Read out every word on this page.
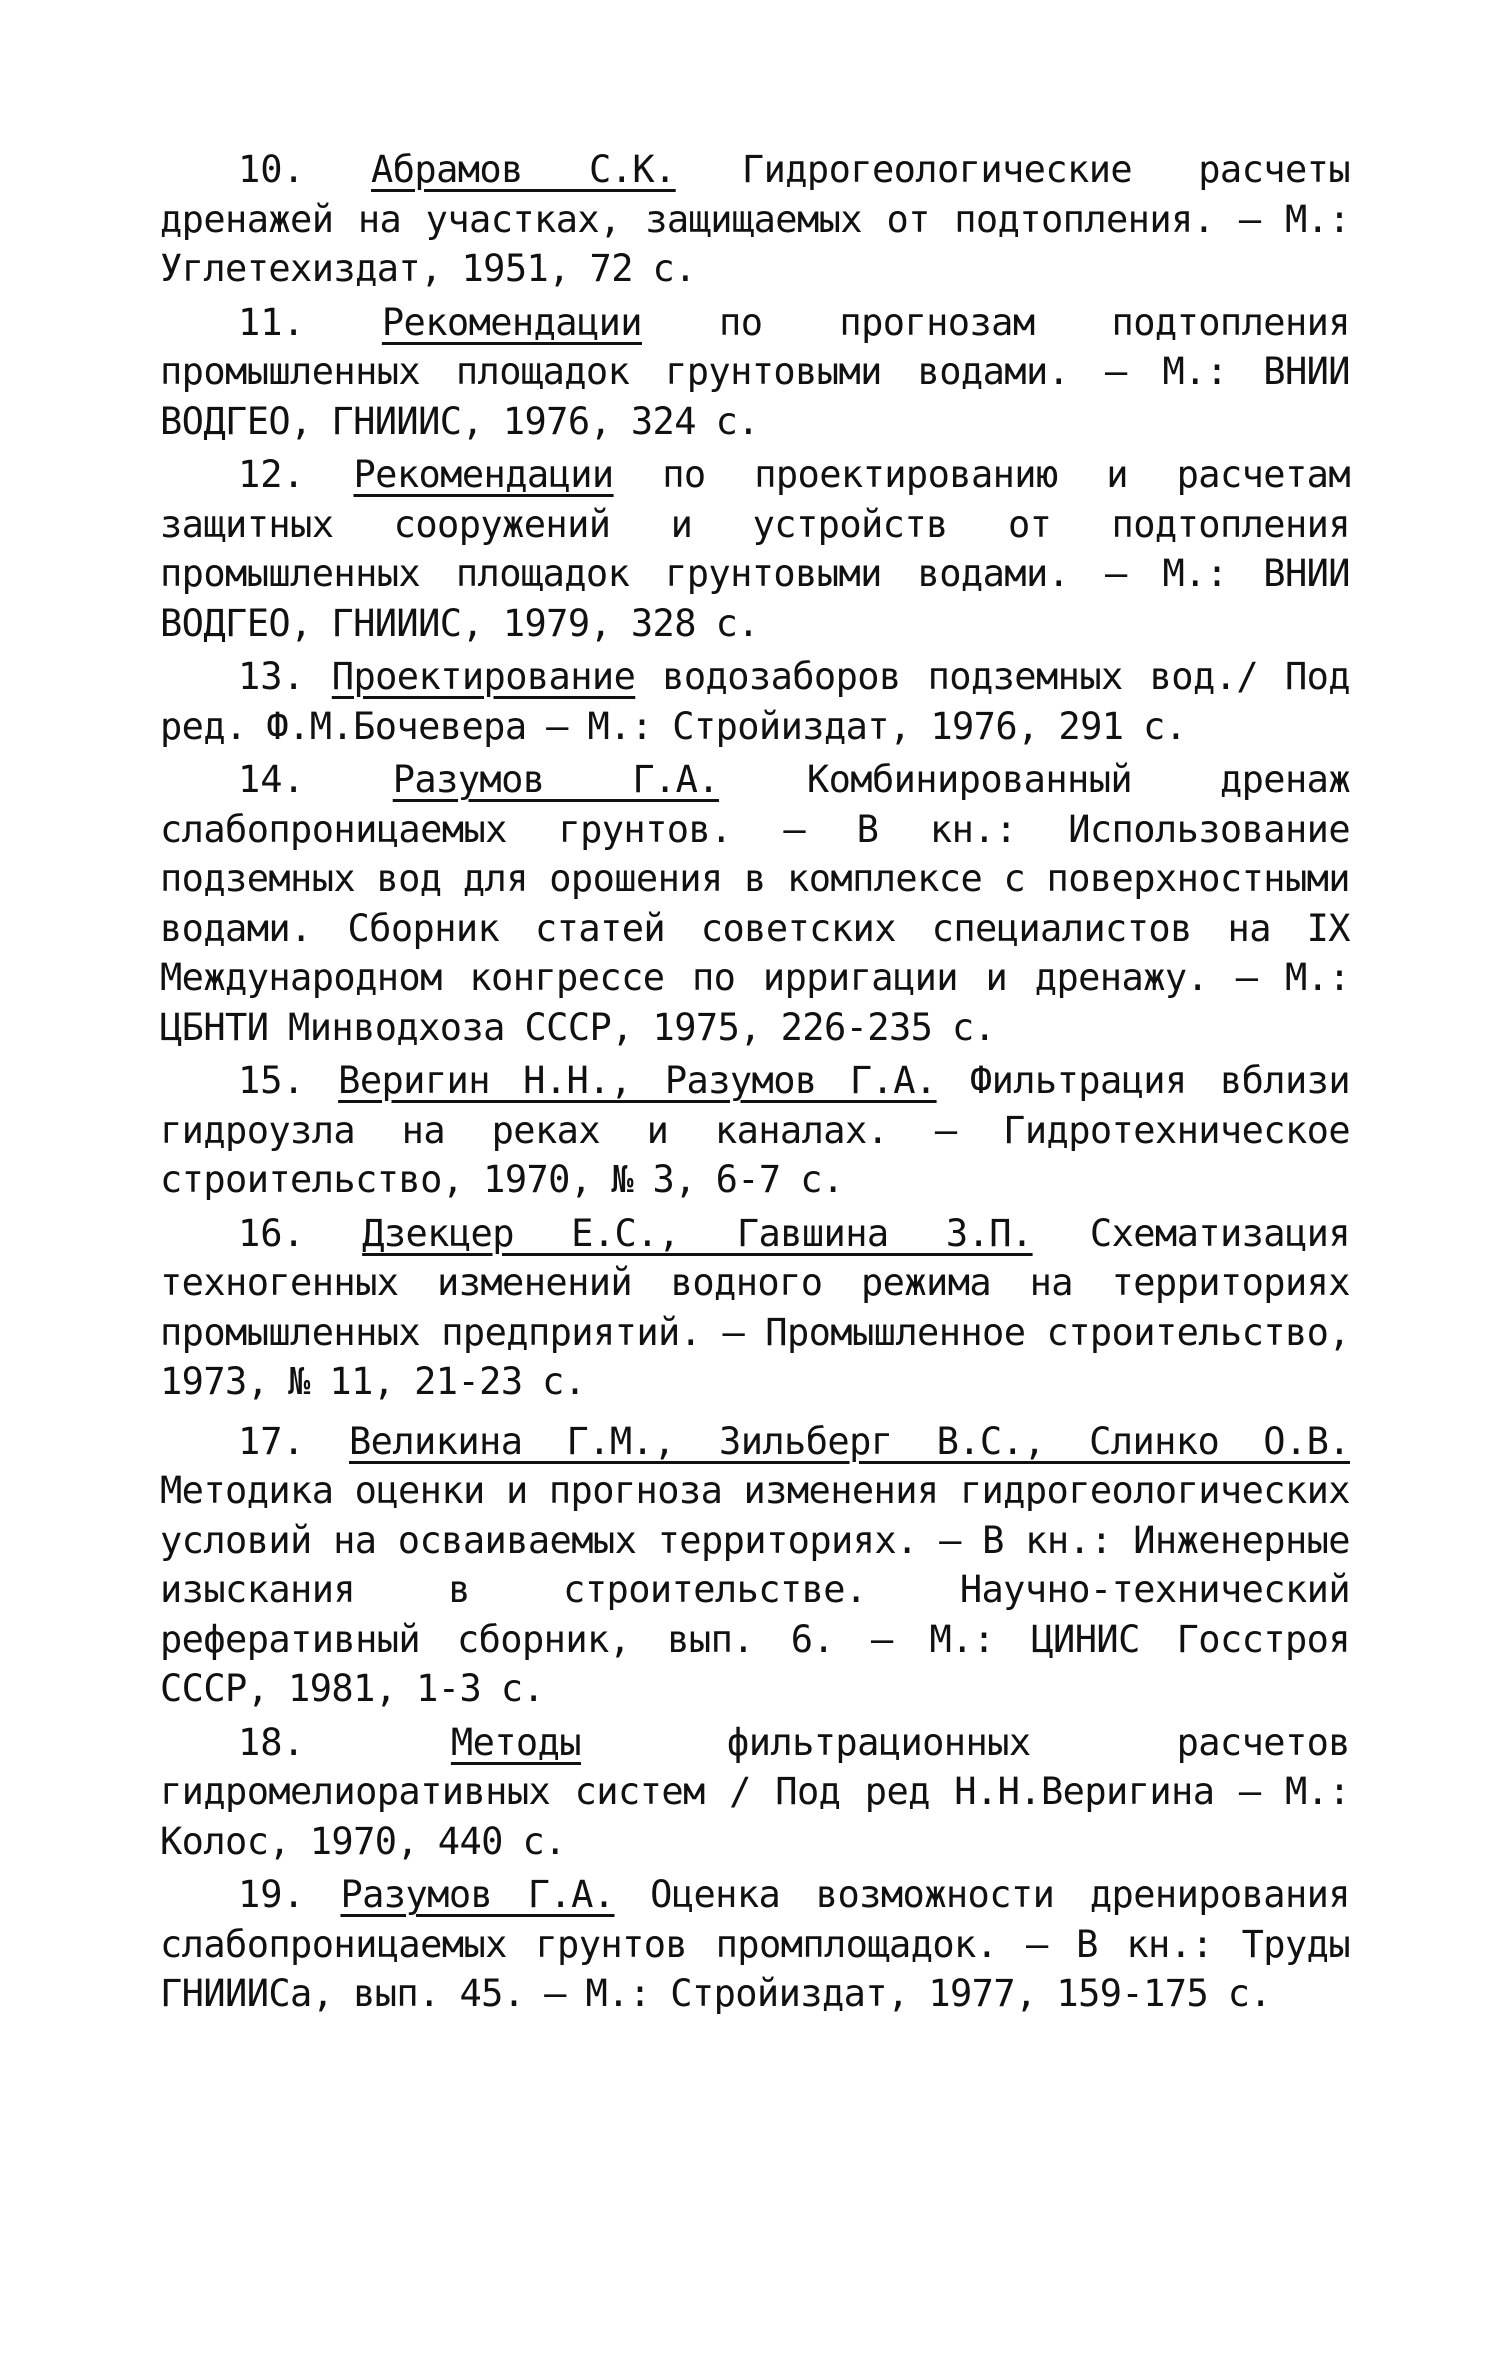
10. Абрамов С.К. Гидрогеологические расчеты дренажей на участках, защищаемых от подтопления. – М.: Углетехиздат, 1951, 72 с.

11. Рекомендации по прогнозам подтопления промышленных площадок грунтовыми водами. – М.: ВНИИ ВОДГЕО, ГНИИИС, 1976, 324 с.

12. Рекомендации по проектированию и расчетам защитных сооружений и устройств от подтопления промышленных площадок грунтовыми водами. – М.: ВНИИ ВОДГЕО, ГНИИИС, 1979, 328 с.

13. Проектирование водозаборов подземных вод./ Под ред. Ф.М.Бочевера – М.: Стройиздат, 1976, 291 с.

14. Разумов Г.А. Комбинированный дренаж слабопроницаемых грунтов. – В кн.: Использование подземных вод для орошения в комплексе с поверхностными водами. Сборник статей советских специалистов на IX Международном конгрессе по ирригации и дренажу. – М.: ЦБНТИ Минводхоза СССР, 1975, 226-235 с.

15. Веригин Н.Н., Разумов Г.А. Фильтрация вблизи гидроузла на реках и каналах. – Гидротехническое строительство, 1970, № 3, 6-7 с.

16. Дзекцер Е.С., Гавшина З.П. Схематизация техногенных изменений водного режима на территориях промышленных предприятий. – Промышленное строительство, 1973, № 11, 21-23 с.

17. Великина Г.М., Зильберг В.С., Слинко О.В. Методика оценки и прогноза изменения гидрогеологических условий на осваиваемых территориях. – В кн.: Инженерные изыскания в строительстве. Научно-технический реферативный сборник, вып. 6. – М.: ЦИНИС Госстроя СССР, 1981, 1-3 с.

18.	Методы фильтрационных расчетов гидромелиоративных систем / Под ред Н.Н.Веригина – М.: Колос, 1970, 440 с.

19. Разумов Г.А. Оценка возможности дренирования слабопроницаемых грунтов промплощадок. – В кн.: Труды ГНИИИСа, вып. 45. – М.: Стройиздат, 1977, 159-175 с.
